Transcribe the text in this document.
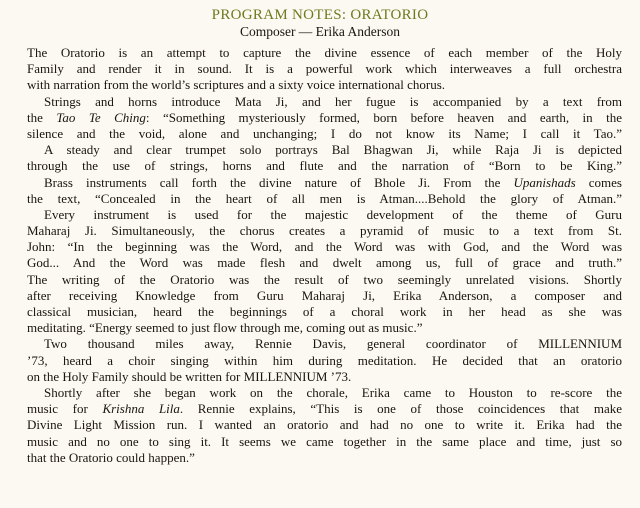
PROGRAM NOTES: ORATORIO
Composer — Erika Anderson
The Oratorio is an attempt to capture the divine essence of each member of the Holy
Family and render it in sound. It is a powerful work which interweaves a full orchestra
with narration from the world’s scriptures and a sixty voice international chorus.
Strings and horns introduce Mata Ji, and her fugue is accompanied by a text from
the Tao Te Ching: “Something mysteriously formed, born before heaven and earth, in the
silence and the void, alone and unchanging; I do not know its Name; I call it Tao.”
A steady and clear trumpet solo portrays Bal Bhagwan Ji, while Raja Ji is depicted
through the use of strings, horns and flute and the narration of “Born to be King.”
Brass instruments call forth the divine nature of Bhole Ji. From the Upanishads comes
the text, “Concealed in the heart of all men is Atman....Behold the glory of Atman.”
Every instrument is used for the majestic development of the theme of Guru
Maharaj Ji. Simultaneously, the chorus creates a pyramid of music to a text from St.
John: “In the beginning was the Word, and the Word was with God, and the Word was
God... And the Word was made flesh and dwelt among us, full of grace and truth.”
The writing of the Oratorio was the result of two seemingly unrelated visions. Shortly
after receiving Knowledge from Guru Maharaj Ji, Erika Anderson, a composer and
classical musician, heard the beginnings of a choral work in her head as she was
meditating. “Energy seemed to just flow through me, coming out as music.”
Two thousand miles away, Rennie Davis, general coordinator of MILLENNIUM
’73, heard a choir singing within him during meditation. He decided that an oratorio
on the Holy Family should be written for MILLENNIUM ’73.
Shortly after she began work on the chorale, Erika came to Houston to re-score the
music for Krishna Lila. Rennie explains, “This is one of those coincidences that make
Divine Light Mission run. I wanted an oratorio and had no one to write it. Erika had the
music and no one to sing it. It seems we came together in the same place and time, just so
that the Oratorio could happen.”
